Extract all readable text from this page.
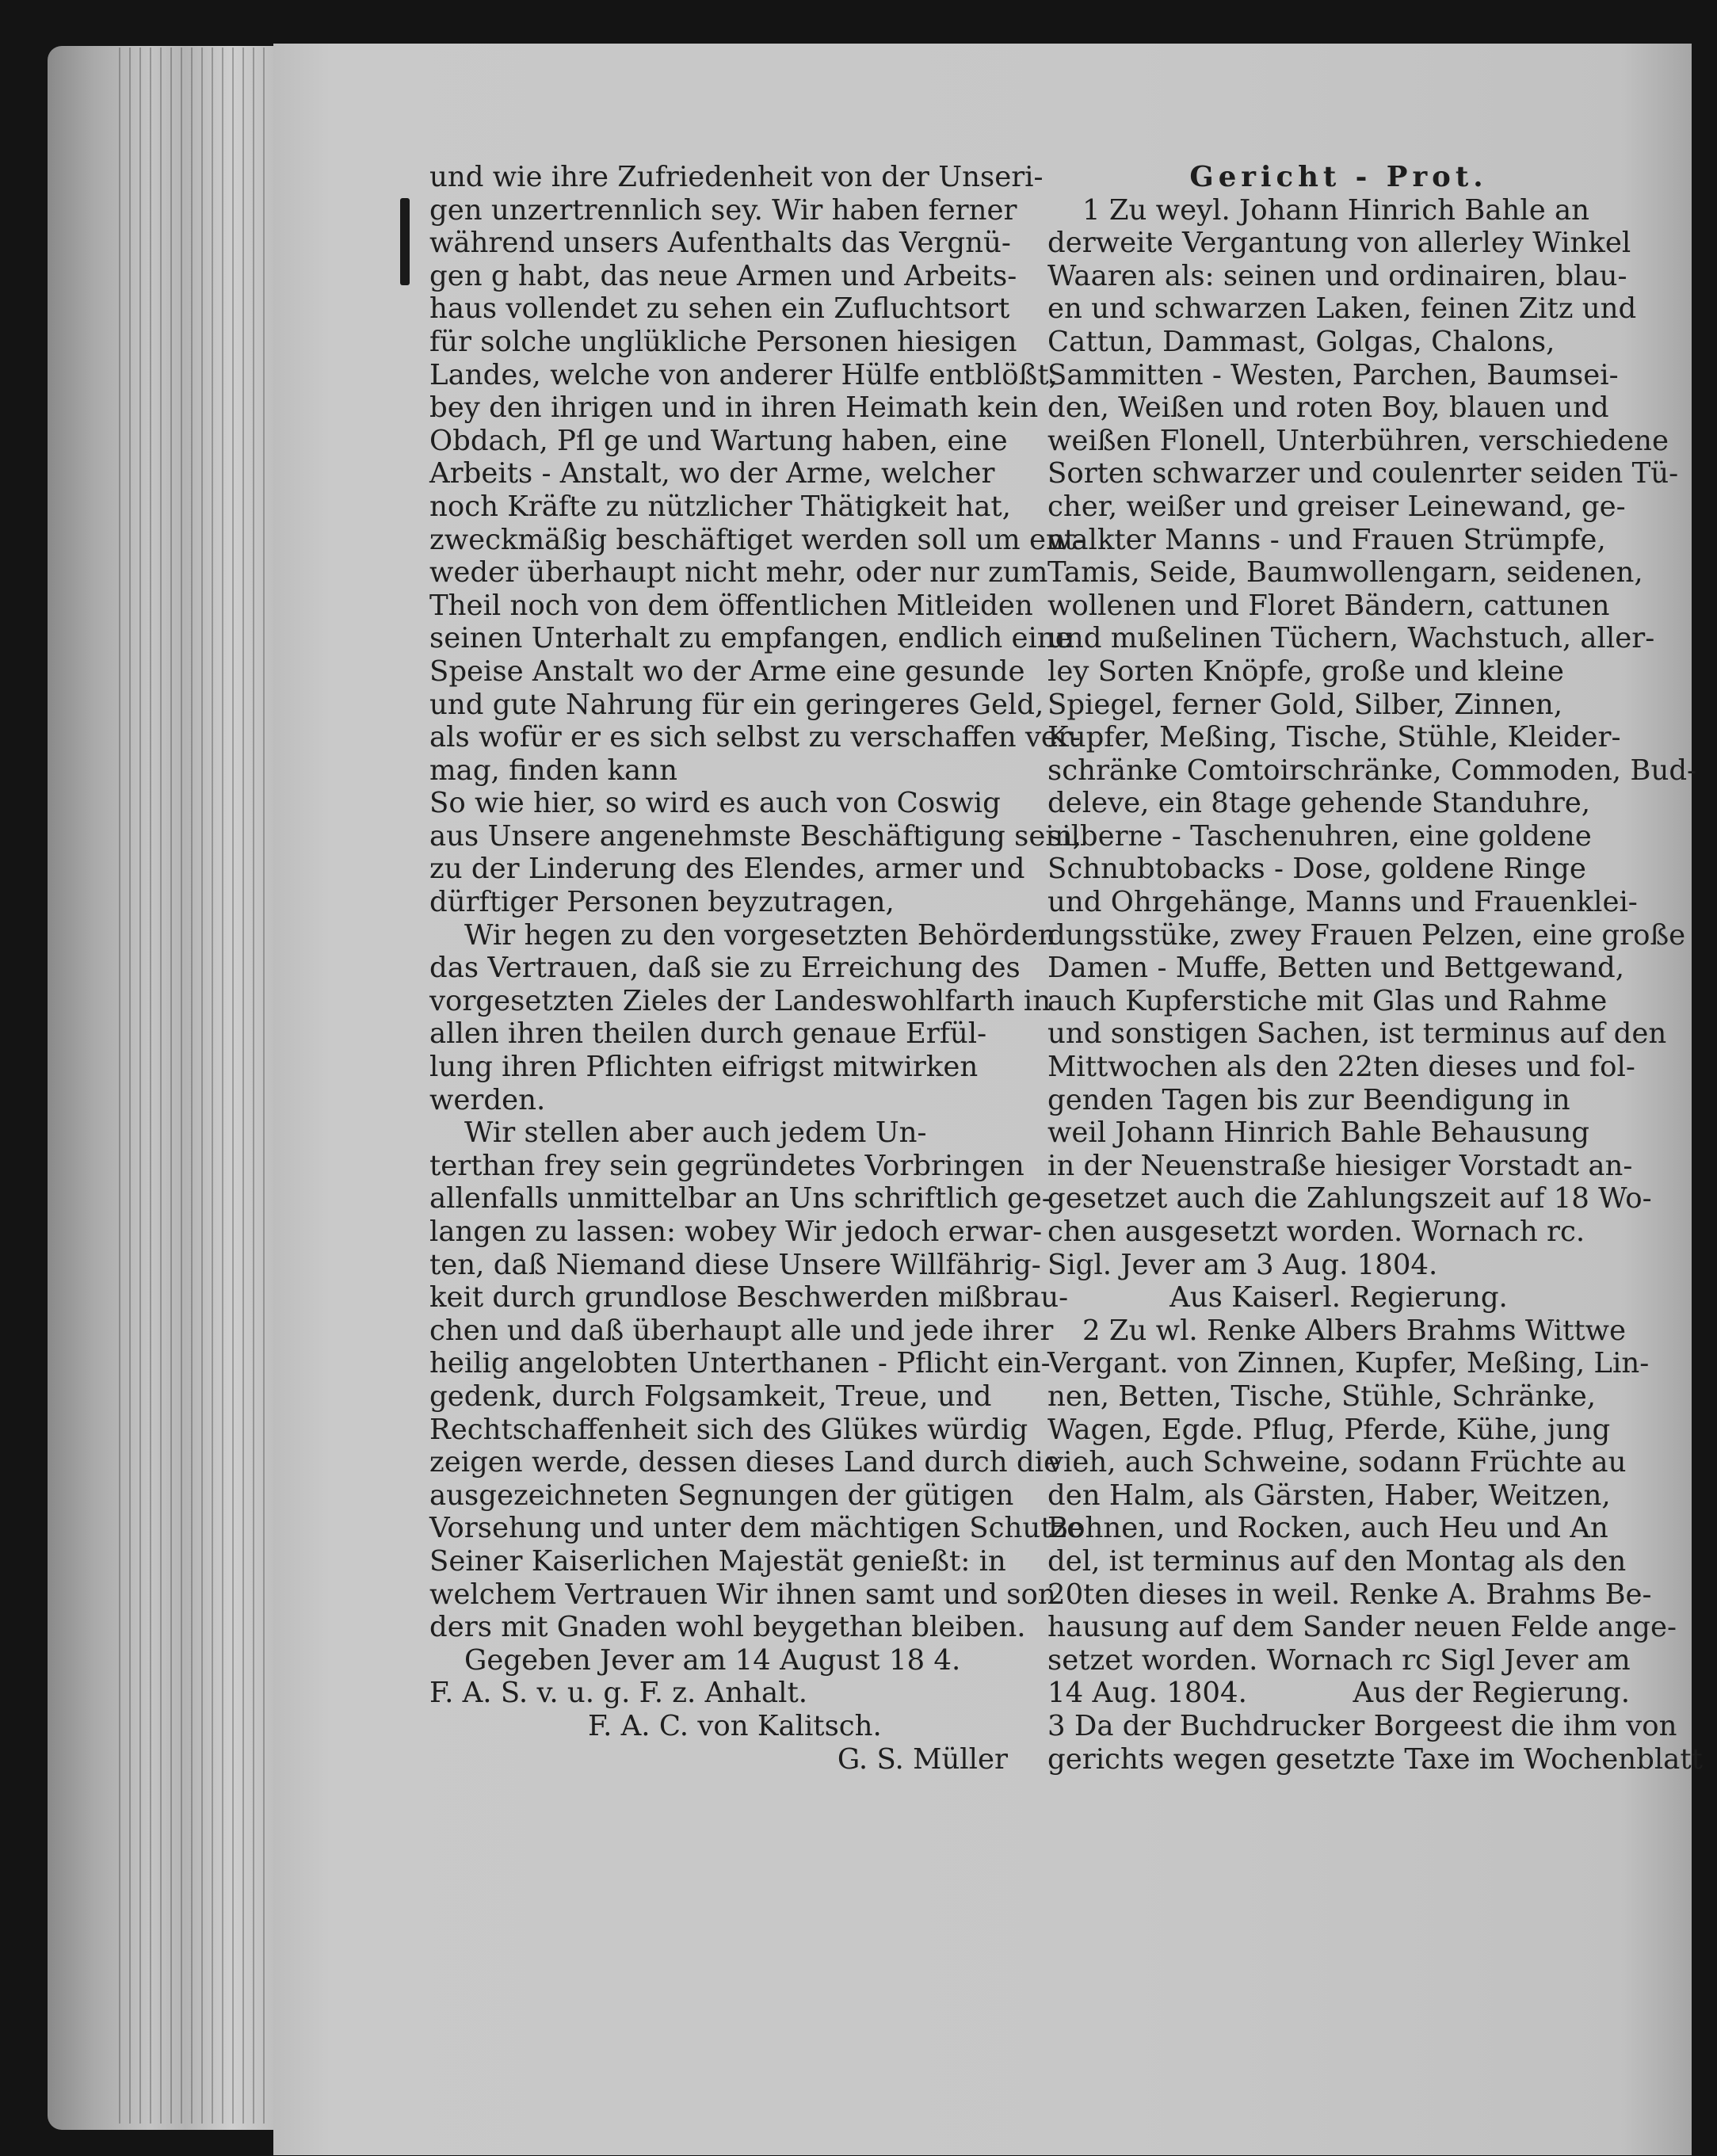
und wie ihre Zufriedenheit von der Unseri-
gen unzertrennlich sey. Wir haben ferner
während unsers Aufenthalts das Vergnü-
gen g habt, das neue Armen und Arbeits-
haus vollendet zu sehen ein Zufluchtsort
für solche unglükliche Personen hiesigen
Landes, welche von anderer Hülfe entblößt,
bey den ihrigen und in ihren Heimath kein
Obdach, Pfl ge und Wartung haben, eine
Arbeits - Anstalt, wo der Arme, welcher
noch Kräfte zu nützlicher Thätigkeit hat,
zweckmäßig beschäftiget werden soll um ent-
weder überhaupt nicht mehr, oder nur zum
Theil noch von dem öffentlichen Mitleiden
seinen Unterhalt zu empfangen, endlich eine
Speise Anstalt wo der Arme eine gesunde
und gute Nahrung für ein geringeres Geld,
als wofür er es sich selbst zu verschaffen ver-
mag, finden kann
So wie hier, so wird es auch von Coswig
aus Unsere angenehmste Beschäftigung sein,
zu der Linderung des Elendes, armer und
dürftiger Personen beyzutragen,
Wir hegen zu den vorgesetzten Behörden
das Vertrauen, daß sie zu Erreichung des
vorgesetzten Zieles der Landeswohlfarth in
allen ihren theilen durch genaue Erfül-
lung ihren Pflichten eifrigst mitwirken
werden.
Wir stellen aber auch jedem Un-
terthan frey sein gegründetes Vorbringen
allenfalls unmittelbar an Uns schriftlich ge-
langen zu lassen: wobey Wir jedoch erwar-
ten, daß Niemand diese Unsere Willfährig-
keit durch grundlose Beschwerden mißbrau-
chen und daß überhaupt alle und jede ihrer
heilig angelobten Unterthanen - Pflicht ein-
gedenk, durch Folgsamkeit, Treue, und
Rechtschaffenheit sich des Glükes würdig
zeigen werde, dessen dieses Land durch die
ausgezeichneten Segnungen der gütigen
Vorsehung und unter dem mächtigen Schutze
Seiner Kaiserlichen Majestät genießt: in
welchem Vertrauen Wir ihnen samt und son
ders mit Gnaden wohl beygethan bleiben.
Gegeben Jever am 14 August 18 4.
F. A. S. v. u. g. F. z. Anhalt.
F. A. C. von Kalitsch.
G. S. Müller
Gericht - Prot.
1 Zu weyl. Johann Hinrich Bahle an
derweite Vergantung von allerley Winkel
Waaren als: seinen und ordinairen, blau-
en und schwarzen Laken, feinen Zitz und
Cattun, Dammast, Golgas, Chalons,
Sammitten - Westen, Parchen, Baumsei-
den, Weißen und roten Boy, blauen und
weißen Flonell, Unterbühren, verschiedene
Sorten schwarzer und coulenrter seiden Tü-
cher, weißer und greiser Leinewand, ge-
walkter Manns - und Frauen Strümpfe,
Tamis, Seide, Baumwollengarn, seidenen,
wollenen und Floret Bändern, cattunen
und mußelinen Tüchern, Wachstuch, aller-
ley Sorten Knöpfe, große und kleine
Spiegel, ferner Gold, Silber, Zinnen,
Kupfer, Meßing, Tische, Stühle, Kleider-
schränke Comtoirschränke, Commoden, Bud-
deleve, ein 8tage gehende Standuhre,
silberne - Taschenuhren, eine goldene
Schnubtobacks - Dose, goldene Ringe
und Ohrgehänge, Manns und Frauenklei-
dungsstüke, zwey Frauen Pelzen, eine große
Damen - Muffe, Betten und Bettgewand,
auch Kupferstiche mit Glas und Rahme
und sonstigen Sachen, ist terminus auf den
Mittwochen als den 22ten dieses und fol-
genden Tagen bis zur Beendigung in
weil Johann Hinrich Bahle Behausung
in der Neuenstraße hiesiger Vorstadt an-
gesetzet auch die Zahlungszeit auf 18 Wo-
chen ausgesetzt worden. Wornach rc.
Sigl. Jever am 3 Aug. 1804.
Aus Kaiserl. Regierung.
2 Zu wl. Renke Albers Brahms Wittwe
Vergant. von Zinnen, Kupfer, Meßing, Lin-
nen, Betten, Tische, Stühle, Schränke,
Wagen, Egde. Pflug, Pferde, Kühe, jung
vieh, auch Schweine, sodann Früchte au
den Halm, als Gärsten, Haber, Weitzen,
Bohnen, und Rocken, auch Heu und An
del, ist terminus auf den Montag als den
20ten dieses in weil. Renke A. Brahms Be-
hausung auf dem Sander neuen Felde ange-
setzet worden. Wornach rc Sigl Jever am
14 Aug. 1804.	Aus der Regierung.
3 Da der Buchdrucker Borgeest die ihm von
gerichts wegen gesetzte Taxe im Wochenblatt
